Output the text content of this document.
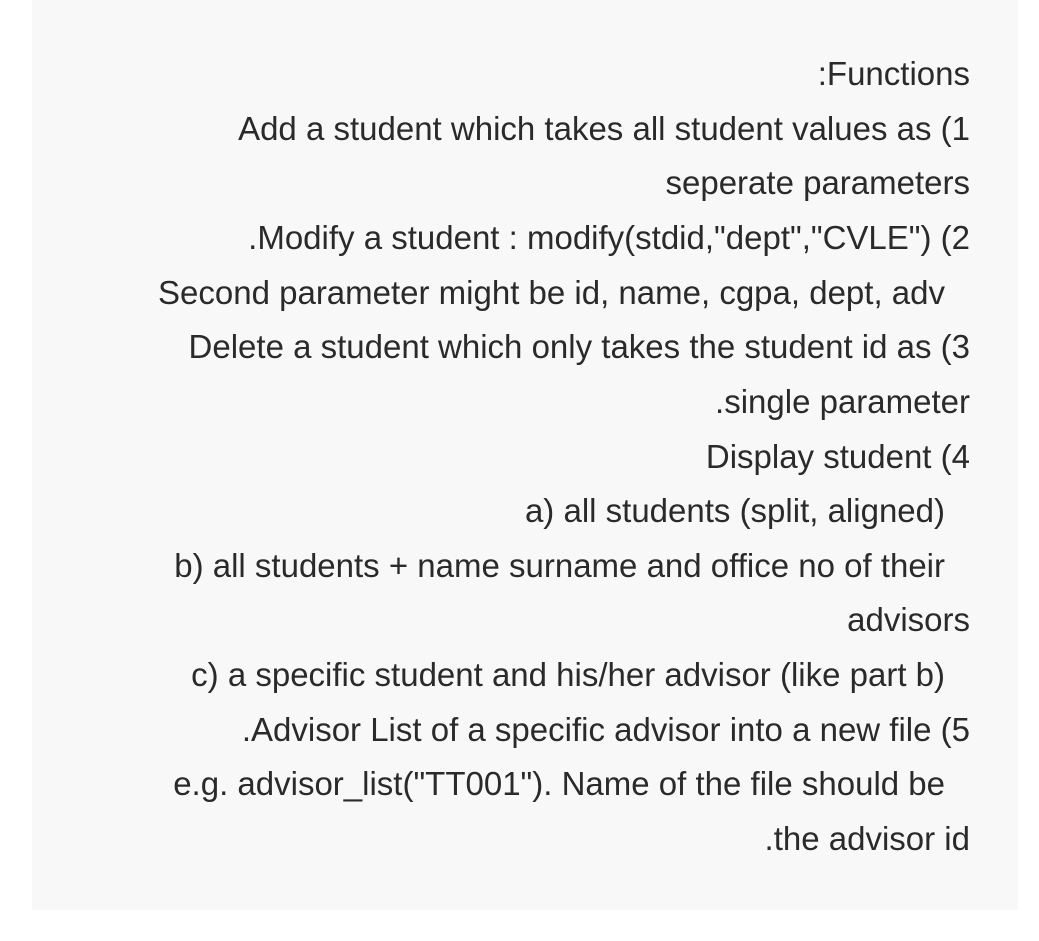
:Functions
Add a student which takes all student values as (1
seperate parameters
.Modify a student : modify(stdid,"dept","CVLE") (2
Second parameter might be id, name, cgpa, dept, adv
Delete a student which only takes the student id as (3
.single parameter
Display student (4
a) all students (split, aligned)
b) all students + name surname and office no of their
advisors
c) a specific student and his/her advisor (like part b)
.Advisor List of a specific advisor into a new file (5
e.g. advisor_list("TT001"). Name of the file should be
.the advisor id
